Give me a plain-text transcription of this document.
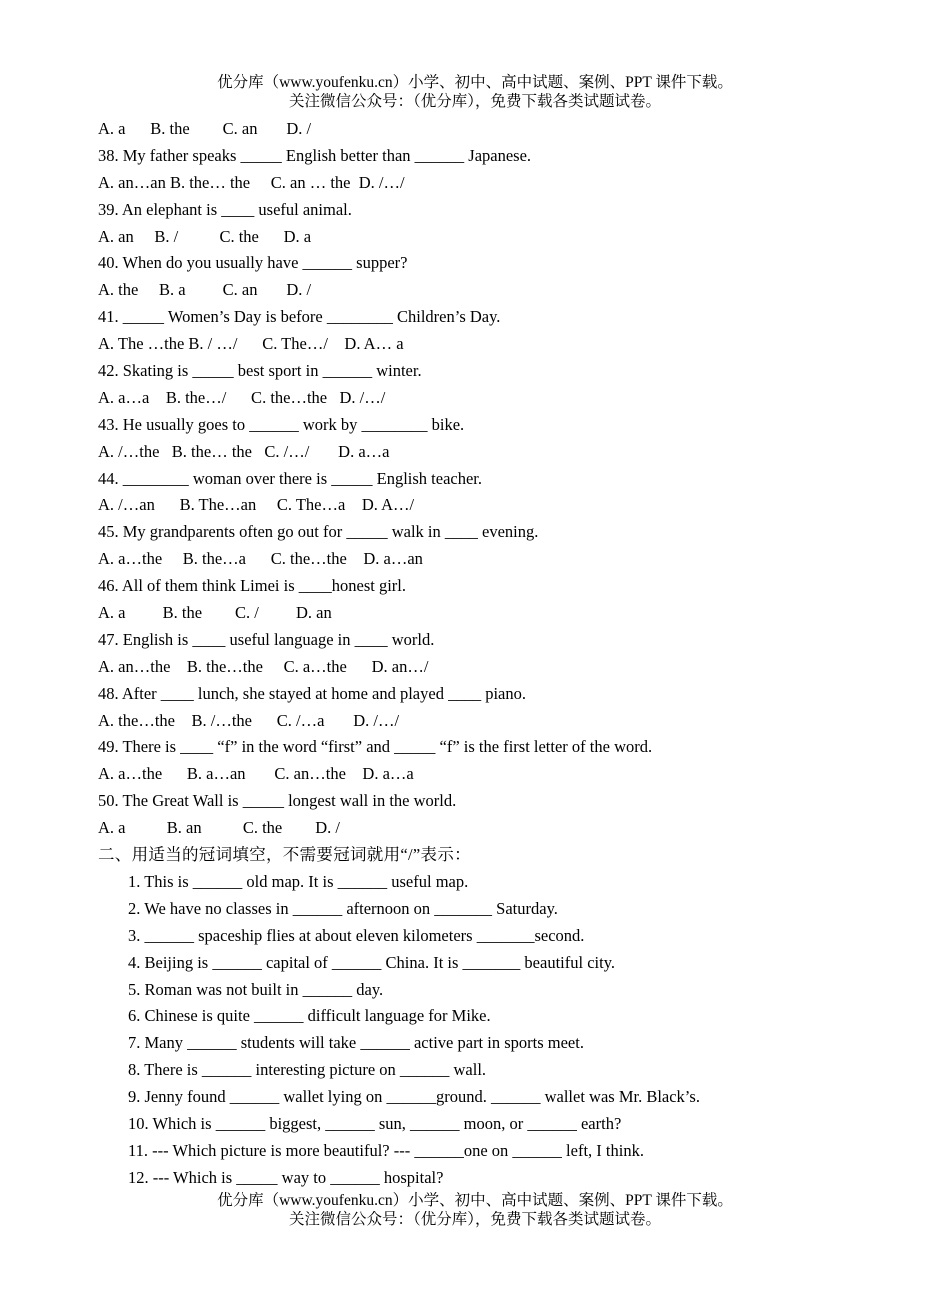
优分库（www.youfenku.cn）小学、初中、高中试题、案例、PPT 课件下载。
关注微信公众号：（优分库），免费下载各类试题试卷。
A. a      B. the        C. an       D. /
38. My father speaks _____ English better than ______ Japanese.
A. an…an B. the… the     C. an … the  D. /…/
39. An elephant is ____ useful animal.
A. an     B. /          C. the      D. a
40. When do you usually have ______ supper?
A. the     B. a         C. an       D. /
41. _____ Women’s Day is before ________ Children’s Day.
A. The …the B. / …/      C. The…/    D. A… a
42. Skating is _____ best sport in ______ winter.
A. a…a    B. the…/      C. the…the   D. /…/
43. He usually goes to ______ work by ________ bike.
A. /…the   B. the… the   C. /…/       D. a…a
44. ________ woman over there is _____ English teacher.
A. /…an      B. The…an     C. The…a    D. A…/
45. My grandparents often go out for _____ walk in ____ evening.
A. a…the     B. the…a      C. the…the    D. a…an
46. All of them think Limei is ____honest girl.
A. a         B. the        C. /         D. an
47. English is ____ useful language in ____ world.
A. an…the    B. the…the     C. a…the      D. an…/
48. After ____ lunch, she stayed at home and played ____ piano.
A. the…the    B. /…the      C. /…a       D. /…/
49. There is ____ “f” in the word “first” and _____ “f” is the first letter of the word.
A. a…the      B. a…an       C. an…the    D. a…a
50. The Great Wall is _____ longest wall in the world.
A. a          B. an          C. the        D. /
二、用适当的冠词填空，不需要冠词就用“/”表示：
1. This is ______ old map. It is ______ useful map.
2. We have no classes in ______ afternoon on _______ Saturday.
3. ______ spaceship flies at about eleven kilometers _______second.
4. Beijing is ______ capital of ______ China. It is _______ beautiful city.
5. Roman was not built in ______ day.
6. Chinese is quite ______ difficult language for Mike.
7. Many ______ students will take ______ active part in sports meet.
8. There is ______ interesting picture on ______ wall.
9. Jenny found ______ wallet lying on ______ground. ______ wallet was Mr. Black’s.
10. Which is ______ biggest, ______ sun, ______ moon, or ______ earth?
11. --- Which picture is more beautiful? --- ______one on ______ left, I think.
12. --- Which is _____ way to ______ hospital?
优分库（www.youfenku.cn）小学、初中、高中试题、案例、PPT 课件下载。
关注微信公众号：（优分库），免费下载各类试题试卷。
